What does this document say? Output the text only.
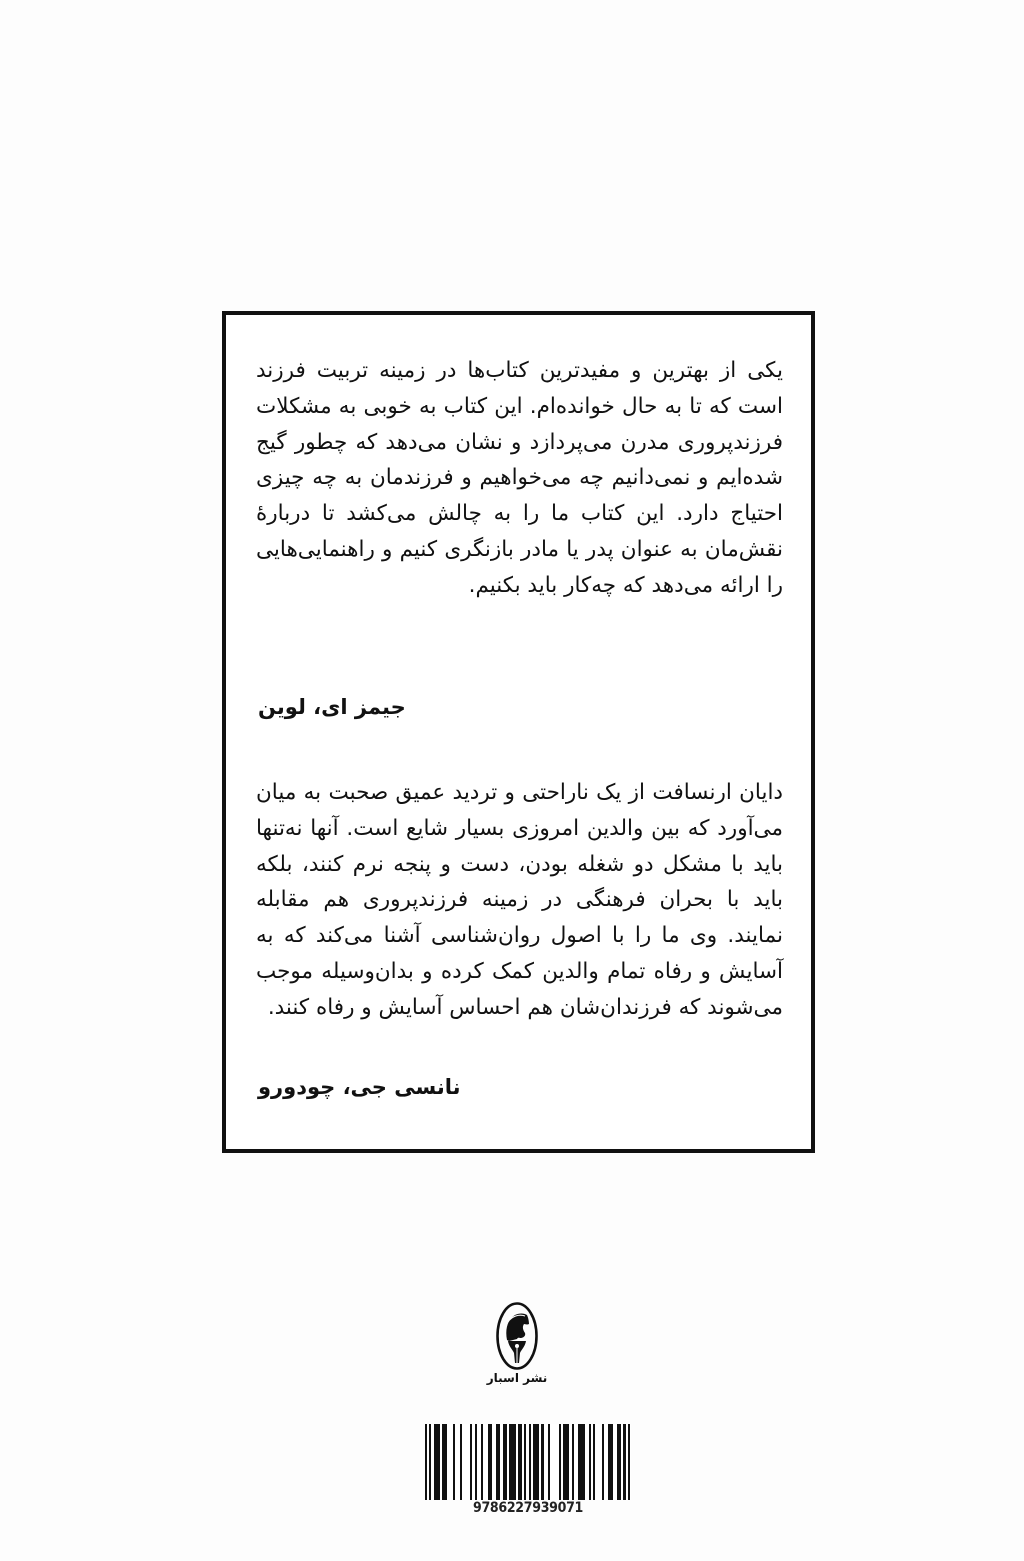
یکی از بهترین و مفیدترین کتاب‌ها در زمینه تربیت فرزند است که تا به حال خوانده‌ام. این کتاب به خوبی به مشکلات فرزندپروری مدرن می‌پردازد و نشان می‌دهد که چطور گیج شده‌ایم و نمی‌دانیم چه می‌خواهیم و فرزندمان به چه چیزی احتیاج دارد. این کتاب ما را به چالش می‌کشد تا دربارۀ نقش‌مان به عنوان پدر یا مادر بازنگری کنیم و راهنمایی‌هایی را ارائه می‌دهد که چه‌کار باید بکنیم.

جیمز ای، لوین

دایان ارنسافت از یک ناراحتی و تردید عمیق صحبت به میان می‌آورد که بین والدین امروزی بسیار شایع است. آنها نه‌تنها باید با مشکل دو شغله بودن، دست و پنجه نرم کنند، بلکه باید با بحران فرهنگی در زمینه فرزندپروری هم مقابله نمایند. وی ما را با اصول روان‌شناسی آشنا می‌کند که به آسایش و رفاه تمام والدین کمک کرده و بدان‌وسیله موجب می‌شوند که فرزندان‌شان هم احساس آسایش و رفاه کنند.

نانسی جی، چودورو

نشر اسبار
9786227939071
